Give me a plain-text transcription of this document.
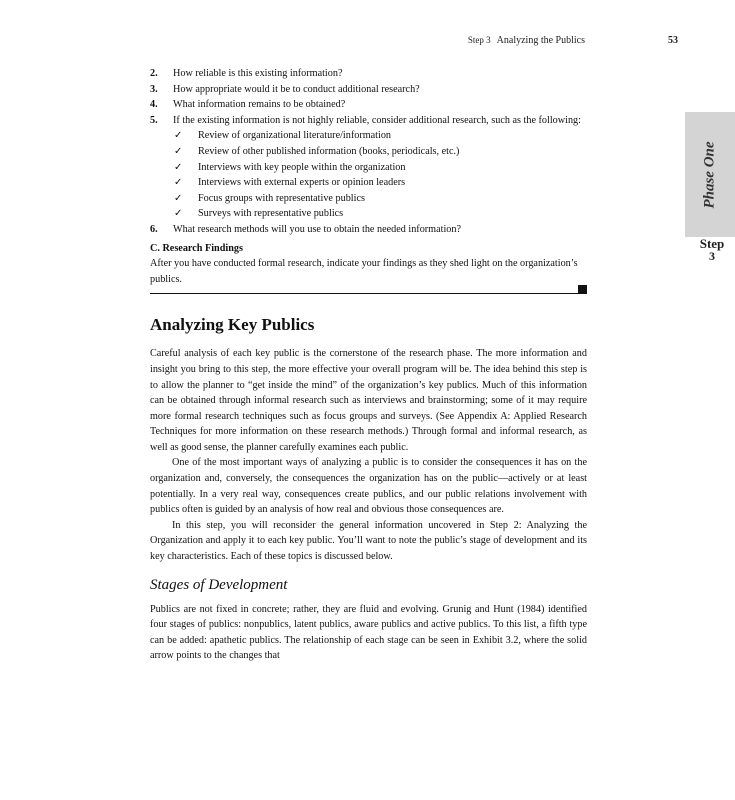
Step 3 Analyzing the Publics	53
Phase One
Step
3
2. How reliable is this existing information?
3. How appropriate would it be to conduct additional research?
4. What information remains to be obtained?
5. If the existing information is not highly reliable, consider additional research, such as the following:
✓ Review of organizational literature/information
✓ Review of other published information (books, periodicals, etc.)
✓ Interviews with key people within the organization
✓ Interviews with external experts or opinion leaders
✓ Focus groups with representative publics
✓ Surveys with representative publics
6. What research methods will you use to obtain the needed information?
C. Research Findings

After you have conducted formal research, indicate your findings as they shed light on the organization’s publics.

Analyzing Key Publics

Careful analysis of each key public is the cornerstone of the research phase. The more information and insight you bring to this step, the more effective your overall program will be. The idea behind this step is to allow the planner to “get inside the mind” of the organization’s key publics. Much of this information can be obtained through informal research such as interviews and brainstorming; some of it may require more formal research techniques such as focus groups and surveys. (See Appendix A: Applied Research Techniques for more information on these research methods.) Through formal and informal research, as well as good sense, the planner carefully examines each public.

One of the most important ways of analyzing a public is to consider the consequences it has on the organization and, conversely, the consequences the organization has on the public—actively or at least potentially. In a very real way, consequences create publics, and our public relations involvement with publics often is guided by an analysis of how real and obvious those consequences are.

In this step, you will reconsider the general information uncovered in Step 2: Analyzing the Organization and apply it to each key public. You’ll want to note the public’s stage of development and its key characteristics. Each of these topics is discussed below.

Stages of Development

Publics are not fixed in concrete; rather, they are fluid and evolving. Grunig and Hunt (1984) identified four stages of publics: nonpublics, latent publics, aware publics and active publics. To this list, a fifth type can be added: apathetic publics. The relationship of each stage can be seen in Exhibit 3.2, where the solid arrow points to the changes that
